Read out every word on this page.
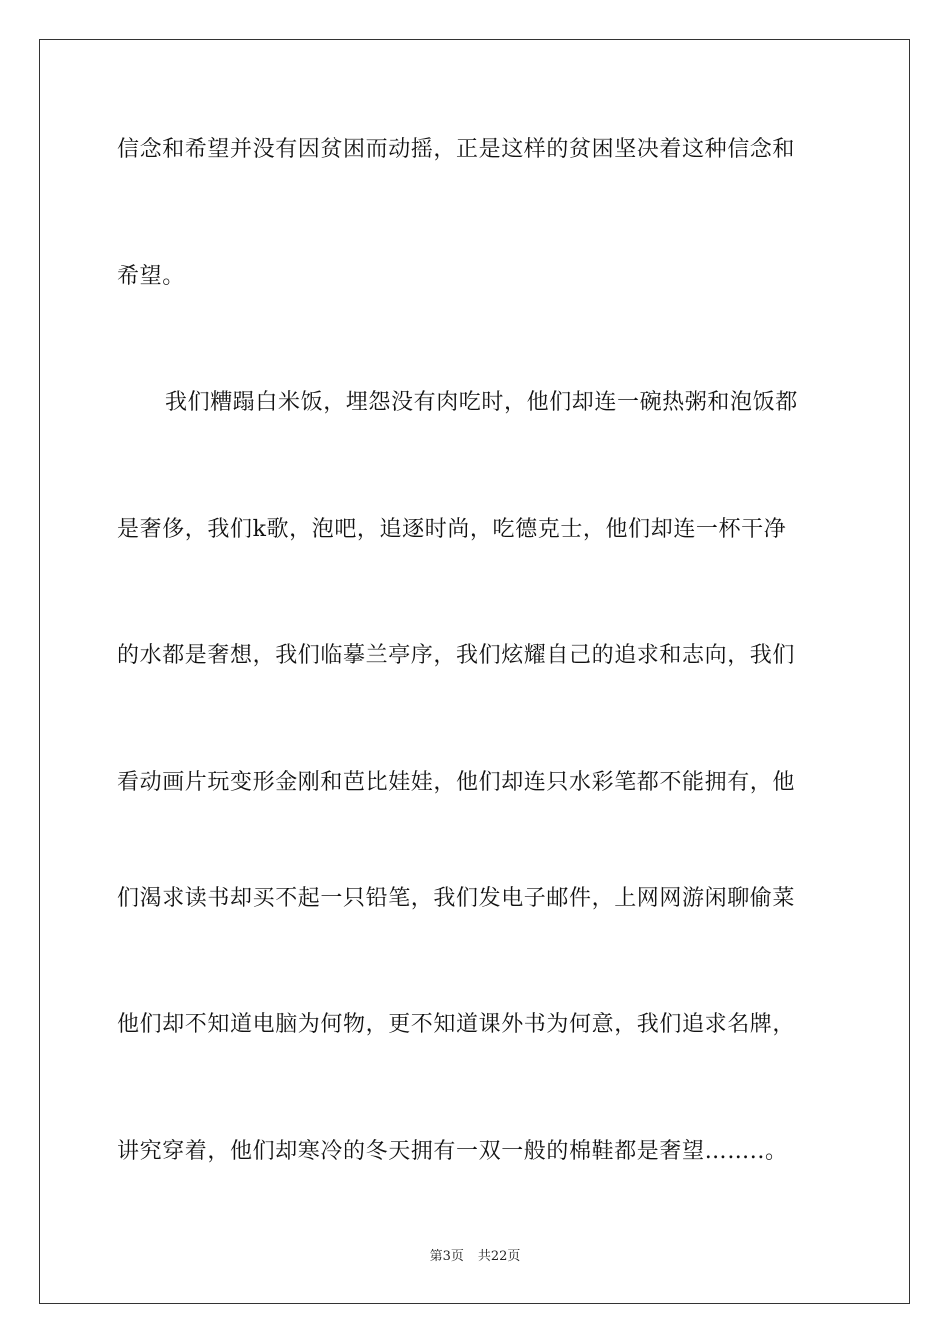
信念和希望并没有因贫困而动摇，正是这样的贫困坚决着这种信念和
希望。
我们糟蹋白米饭，埋怨没有肉吃时，他们却连一碗热粥和泡饭都
是奢侈，我们k歌，泡吧，追逐时尚，吃德克士，他们却连一杯干净
的水都是奢想，我们临摹兰亭序，我们炫耀自己的追求和志向，我们
看动画片玩变形金刚和芭比娃娃，他们却连只水彩笔都不能拥有，他
们渴求读书却买不起一只铅笔，我们发电子邮件，上网网游闲聊偷菜
他们却不知道电脑为何物，更不知道课外书为何意，我们追求名牌，
讲究穿着，他们却寒冷的冬天拥有一双一般的棉鞋都是奢望……..。
第3页 共22页
